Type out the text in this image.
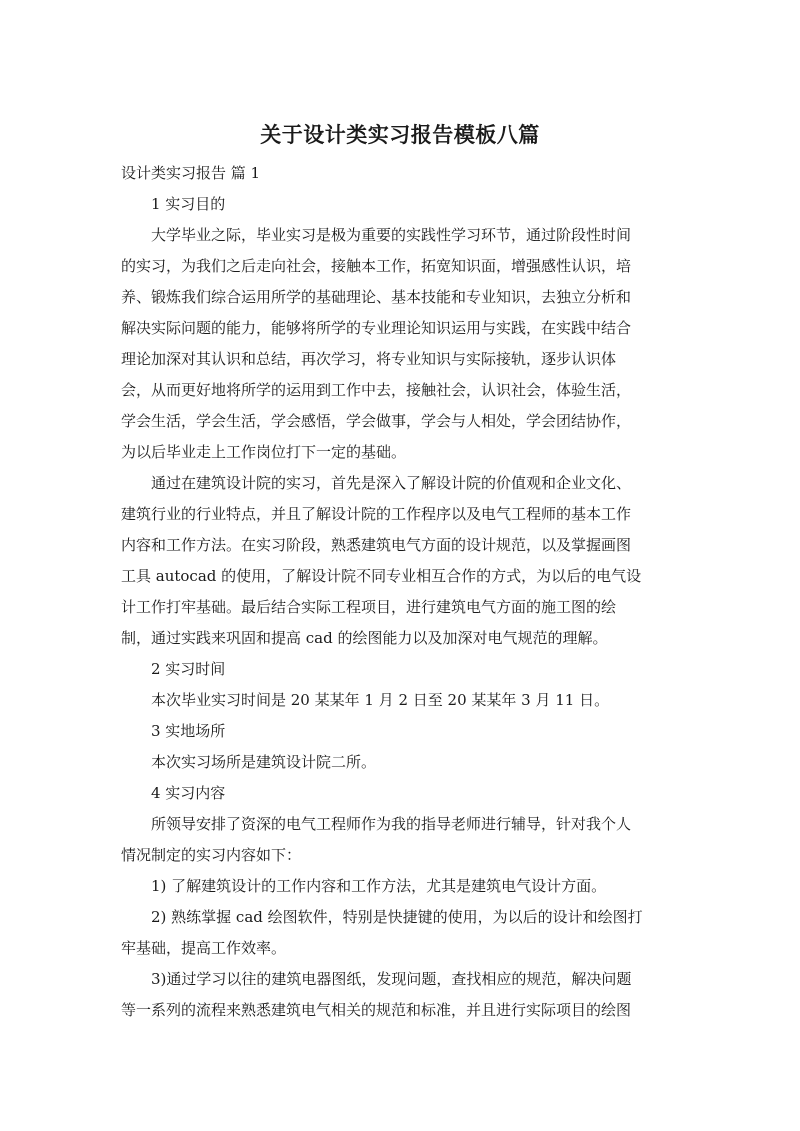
关于设计类实习报告模板八篇
设计类实习报告 篇 1
1 实习目的
大学毕业之际，毕业实习是极为重要的实践性学习环节，通过阶段性时间
的实习，为我们之后走向社会，接触本工作，拓宽知识面，增强感性认识，培
养、锻炼我们综合运用所学的基础理论、基本技能和专业知识，去独立分析和
解决实际问题的能力，能够将所学的专业理论知识运用与实践，在实践中结合
理论加深对其认识和总结，再次学习，将专业知识与实际接轨，逐步认识体
会，从而更好地将所学的运用到工作中去，接触社会，认识社会，体验生活，
学会生活，学会生活，学会感悟，学会做事，学会与人相处，学会团结协作，
为以后毕业走上工作岗位打下一定的基础。
通过在建筑设计院的实习，首先是深入了解设计院的价值观和企业文化、
建筑行业的行业特点，并且了解设计院的工作程序以及电气工程师的基本工作
内容和工作方法。在实习阶段，熟悉建筑电气方面的设计规范，以及掌握画图
工具 autocad 的使用，了解设计院不同专业相互合作的方式，为以后的电气设
计工作打牢基础。最后结合实际工程项目，进行建筑电气方面的施工图的绘
制，通过实践来巩固和提高 cad 的绘图能力以及加深对电气规范的理解。
2 实习时间
本次毕业实习时间是 20 某某年 1 月 2 日至 20 某某年 3 月 11 日。
3 实地场所
本次实习场所是建筑设计院二所。
4 实习内容
所领导安排了资深的电气工程师作为我的指导老师进行辅导，针对我个人
情况制定的实习内容如下：
1) 了解建筑设计的工作内容和工作方法，尤其是建筑电气设计方面。
2) 熟练掌握 cad 绘图软件，特别是快捷键的使用，为以后的设计和绘图打
牢基础，提高工作效率。
3)通过学习以往的建筑电器图纸，发现问题，查找相应的规范，解决问题
等一系列的流程来熟悉建筑电气相关的规范和标准，并且进行实际项目的绘图
